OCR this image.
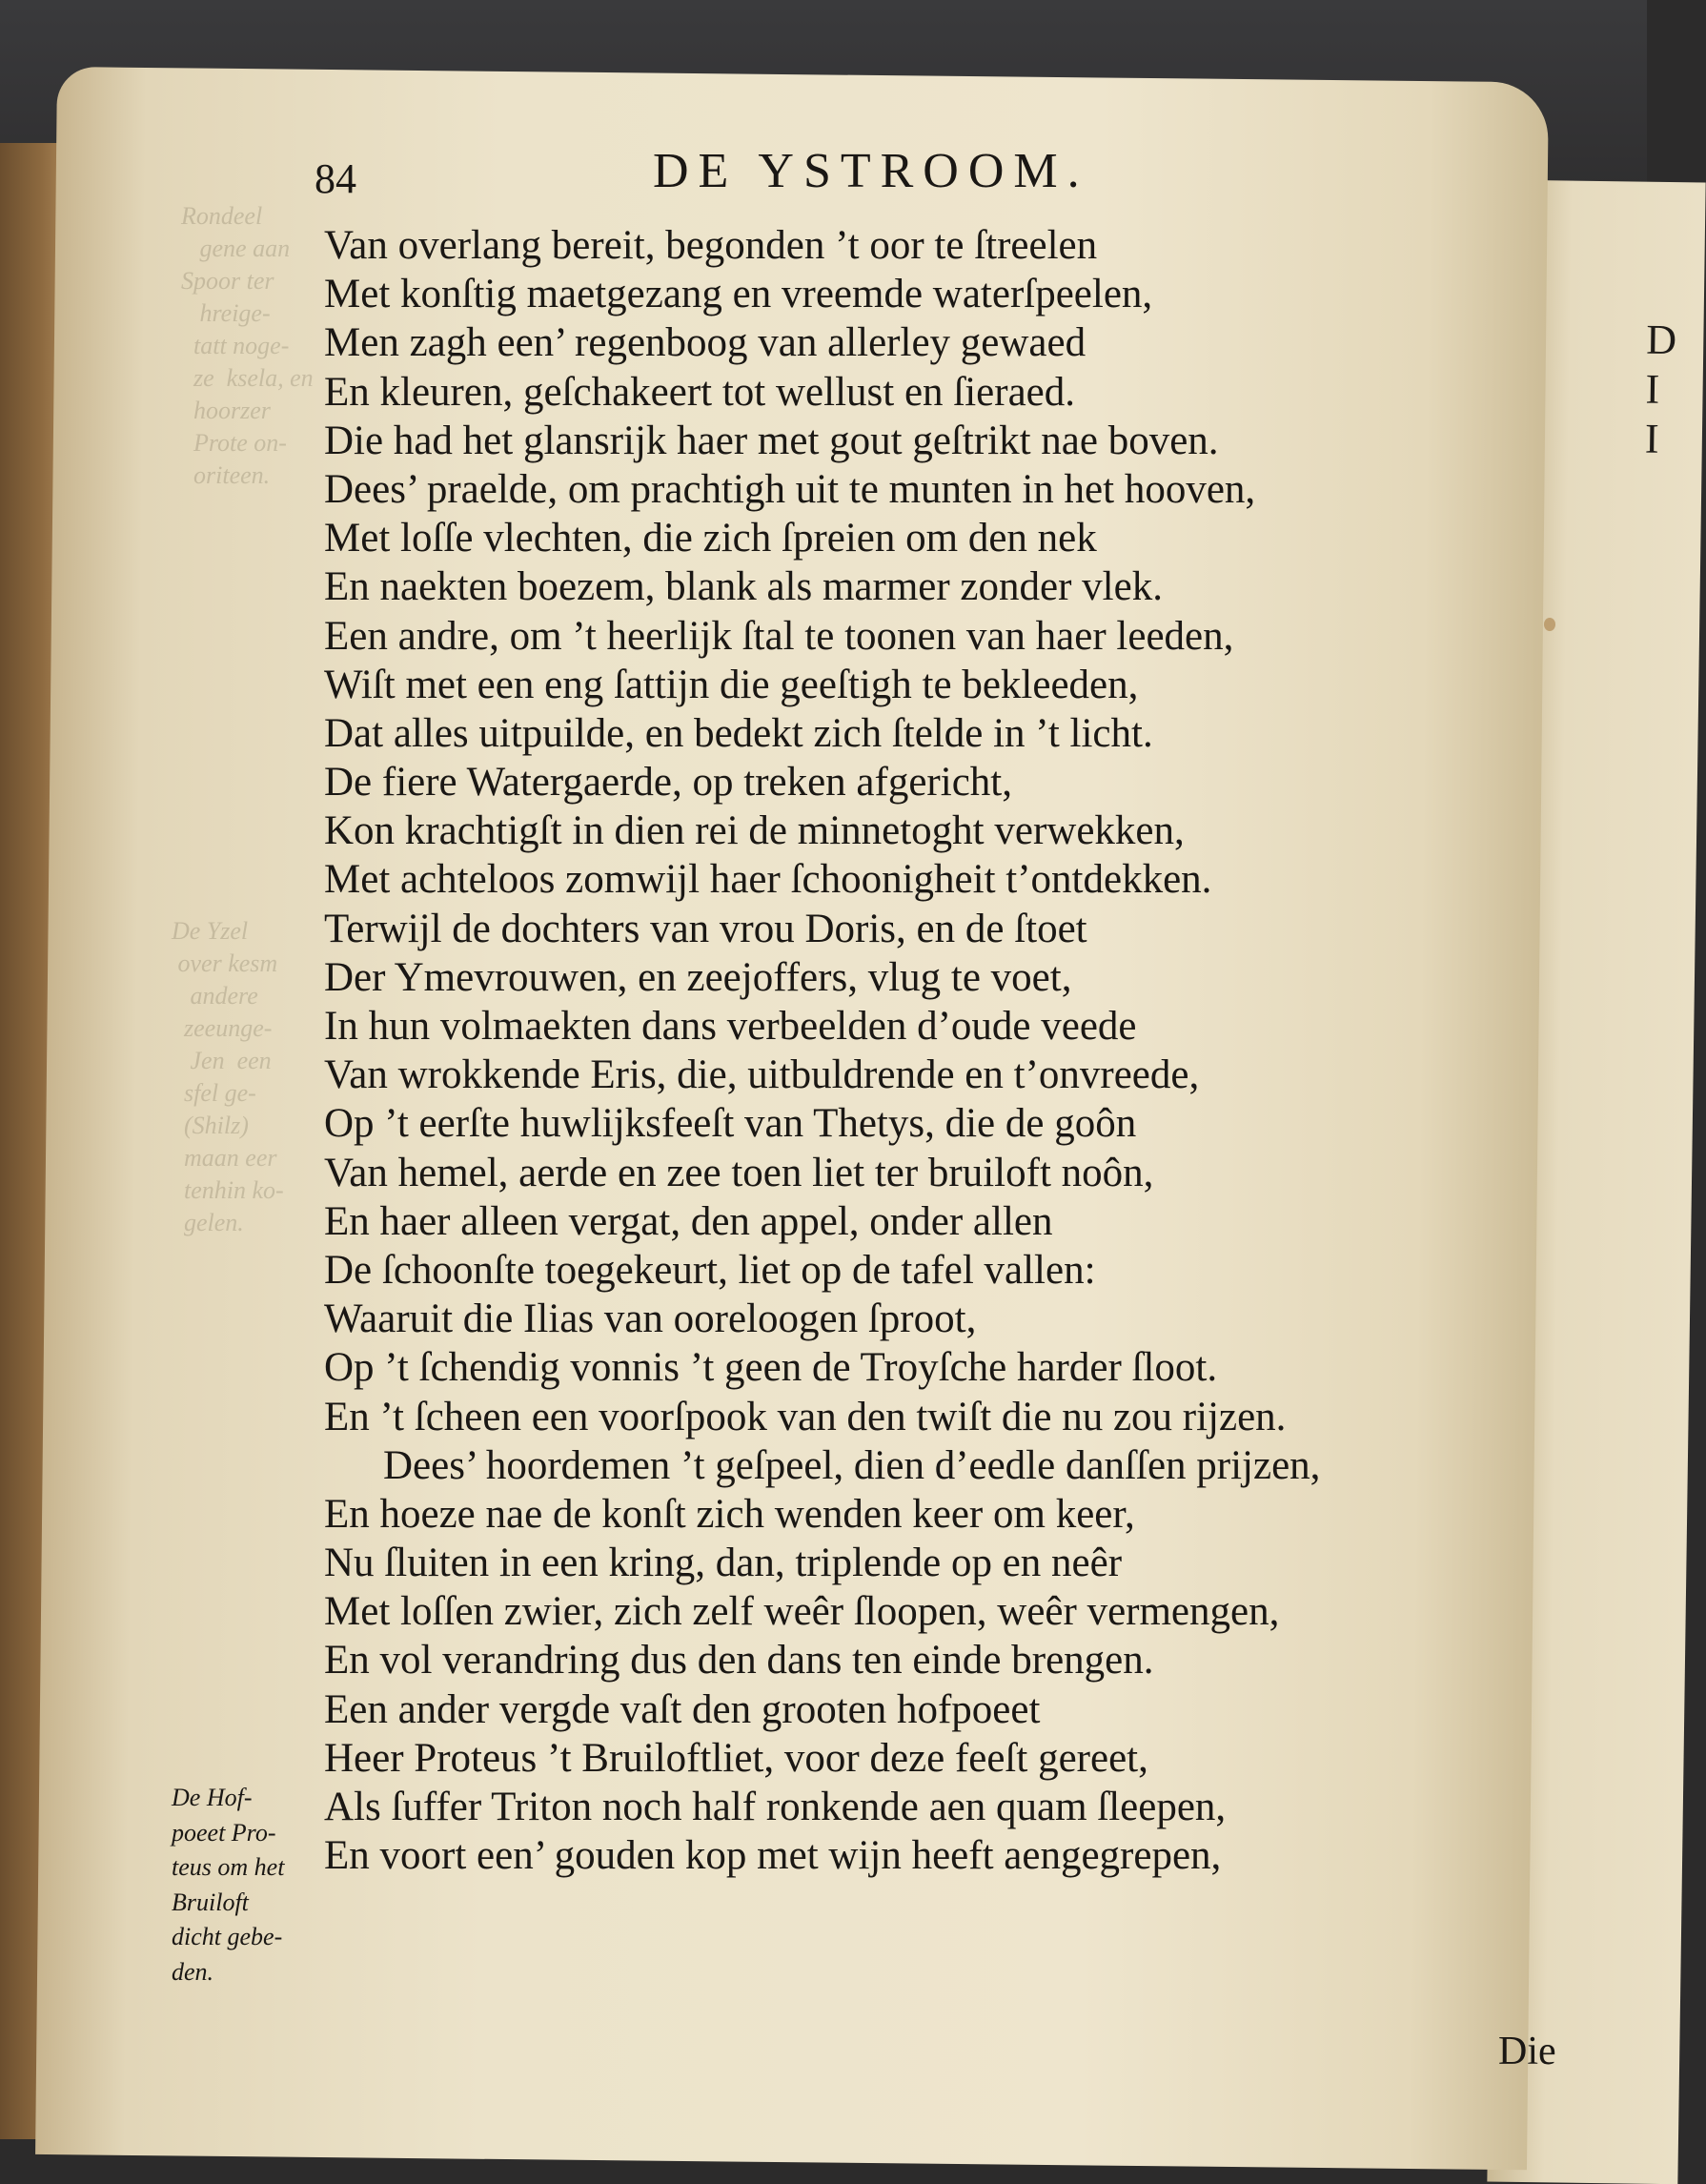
D
I
I
Rondeel
gene aan
Spoor ter
hreige-
tatt noge-
ze  ksela, en
hoorzer
Prote on-
oriteen.
De Yzel
over kesm
andere
zeeunge-
Jen  een
sfel ge-
(Shilz)
maan eer
tenhin ko-
gelen.
84	DE YSTROOM.
Van overlang bereit, begonden ’t oor te ſtreelen
Met konſtig maetgezang en vreemde waterſpeelen,
Men zagh een’ regenboog van allerley gewaed
En kleuren, geſchakeert tot wellust en ſieraed.
Die had het glansrijk haer met gout geſtrikt nae boven.
Dees’ praelde, om prachtigh uit te munten in het hooven,
Met loſſe vlechten, die zich ſpreien om den nek
En naekten boezem, blank als marmer zonder vlek.
Een andre, om ’t heerlijk ſtal te toonen van haer leeden,
Wiſt met een eng ſattijn die geeſtigh te bekleeden,
Dat alles uitpuilde, en bedekt zich ſtelde in ’t licht.
De fiere Watergaerde, op treken afgericht,
Kon krachtigſt in dien rei de minnetoght verwekken,
Met achteloos zomwijl haer ſchoonigheit t’ontdekken.
Terwijl de dochters van vrou Doris, en de ſtoet
Der Ymevrouwen, en zeejoffers, vlug te voet,
In hun volmaekten dans verbeelden d’oude veede
Van wrokkende Eris, die, uitbuldrende en t’onvreede,
Op ’t eerſte huwlijksfeeſt van Thetys, die de goôn
Van hemel, aerde en zee toen liet ter bruiloft noôn,
En haer alleen vergat, den appel, onder allen
De ſchoonſte toegekeurt, liet op de tafel vallen:
Waaruit die Ilias van ooreloogen ſproot,
Op ’t ſchendig vonnis ’t geen de Troyſche harder ſloot.
En ’t ſcheen een voorſpook van den twiſt die nu zou rijzen.
Dees’ hoordemen ’t geſpeel, dien d’eedle danſſen prijzen,
En hoeze nae de konſt zich wenden keer om keer,
Nu ſluiten in een kring, dan, triplende op en neêr
Met loſſen zwier, zich zelf weêr ſloopen, weêr vermengen,
En vol verandring dus den dans ten einde brengen.
Een ander vergde vaſt den grooten hofpoeet
Heer Proteus ’t Bruiloftliet, voor deze feeſt gereet,
Als ſuffer Triton noch half ronkende aen quam ſleepen,
En voort een’ gouden kop met wijn heeft aengegrepen,
De Hof-
poeet Pro-
teus om het
Bruiloft
dicht gebe-
den.
Die
